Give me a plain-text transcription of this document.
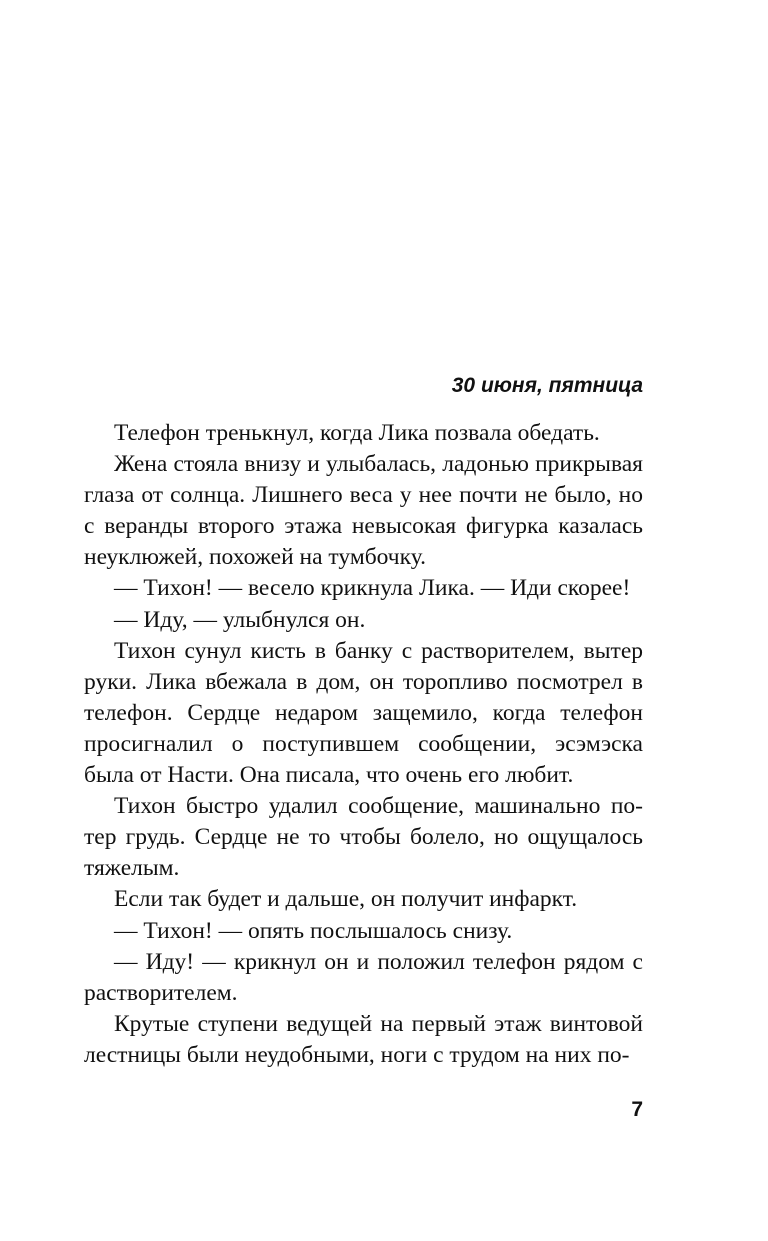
30 июня, пятница

Телефон тренькнул, когда Лика позвала обедать.

Жена стояла внизу и улыбалась, ладонью прикрывая глаза от солнца. Лишнего веса у нее почти не было, но с веранды второго этажа невысокая фигурка казалась неуклюжей, похожей на тумбочку.

— Тихон! — весело крикнула Лика. — Иди скорее!

— Иду, — улыбнулся он.

Тихон сунул кисть в банку с растворителем, вытер руки. Лика вбежала в дом, он торопливо посмотрел в телефон. Сердце недаром защемило, когда телефон просигналил о поступившем сообщении, эсэмэска была от Насти. Она писала, что очень его любит.

Тихон быстро удалил сообщение, машинально потер грудь. Сердце не то чтобы болело, но ощущалось тяжелым.

Если так будет и дальше, он получит инфаркт.

— Тихон! — опять послышалось снизу.

— Иду! — крикнул он и положил телефон рядом с растворителем.

Крутые ступени ведущей на первый этаж винтовой лестницы были неудобными, ноги с трудом на них по-

7
